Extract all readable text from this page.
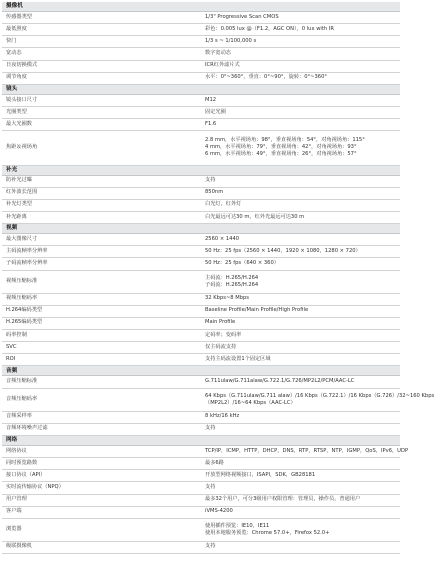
摄像机	
传感器类型	1/3" Progressive Scan CMOS

最低照度	彩色：0.005 lux @（F1.2，AGC ON），0 lux with IR

快门	1/3 s ~ 1/100,000 s

宽动态	数字宽动态

日夜切换模式	ICR红外滤片式

调节角度	水平：0°~360°，垂直：0°~90°，旋转：0°~360°

镜头	
镜头接口尺寸	M12

光圈类型	固定光圈

最大光圈数	F1.6

焦距＆视场角	2.8 mm，水平视场角：98°，垂直视场角：54°，对角视场角：115°
4 mm，水平视场角：79°，垂直视场角：42°，对角视场角：93°
6 mm，水平视场角：49°，垂直视场角：26°，对角视场角：57°

补光	
防补光过曝	支持

红外波长范围	850nm

补光灯类型	白光灯，红外灯

补光距离	白光最远可达30 m，红外光最远可达30 m

视频	
最大图像尺寸	2560 × 1440

主码流帧率分辨率	50 Hz：25 fps（2560 × 1440，1920 × 1080，1280 × 720）

子码流帧率分辨率	50 Hz：25 fps（640 × 360）

视频压缩标准	主码流：H.265/H.264
子码流：H.265/H.264

视频压缩码率	32 Kbps~8 Mbps

H.264编码类型	Baseline Profile/Main Profile/High Profile

H.265编码类型	Main Profile

码率控制	定码率；变码率

SVC	仅主码流支持

ROI	支持主码流设置1个固定区域

音频	
音频压缩标准	G.711ulaw/G.711alaw/G.722.1/G.726/MP2L2/PCM/AAC-LC

音频压缩码率	64 Kbps（G.711ulaw/G.711 alaw）/16 Kbps（G.722.1）/16 Kbps（G.726）/32~160 Kbps
（MP2L2）/16~64 Kbps（AAC-LC）

音频采样率	8 kHz/16 kHz

音频环境噪声过滤	支持

网络	
网络协议	TCP/IP，ICMP，HTTP，DHCP，DNS，RTP，RTSP，NTP，IGMP，QoS，IPv6，UDP

同时预览路数	最多6路

接口协议（API）	开放型网络视频接口，ISAPI，SDK，GB28181

实时流传输协议（NPQ）	支持

用户管理	最多32个用户，可分3级用户权限管理：管理员，操作员，普通用户

客户端	iVMS-4200

浏览器	使用插件预览：IE10，IE11
使用本地服务预览：Chrome 57.0+，Firefox 52.0+

级联摄像机	支持
